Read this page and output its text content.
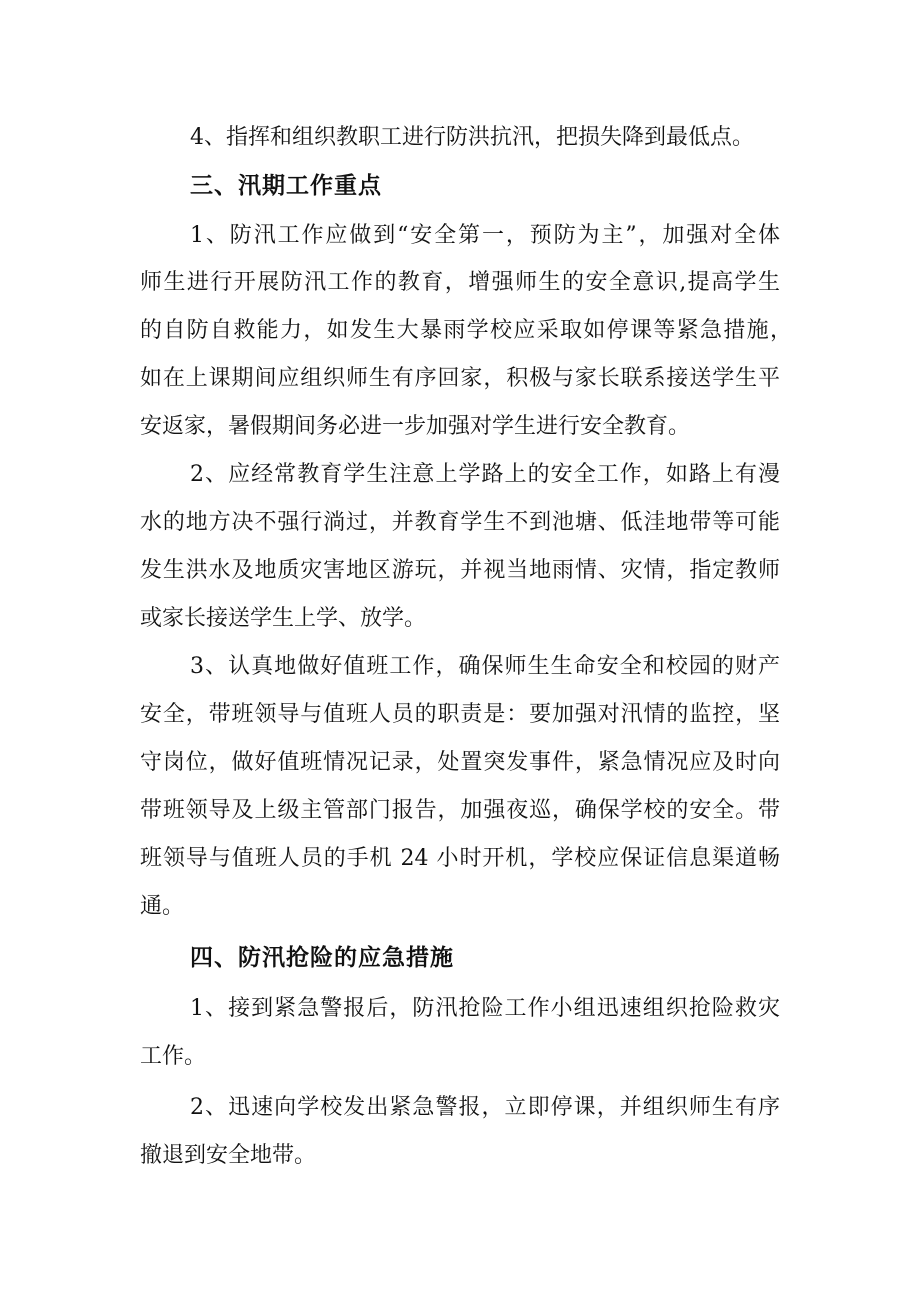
4、指挥和组织教职工进行防洪抗汛，把损失降到最低点。
三、汛期工作重点
1、防汛工作应做到“安全第一，预防为主”，加强对全体
师生进行开展防汛工作的教育，增强师生的安全意识,提高学生
的自防自救能力，如发生大暴雨学校应采取如停课等紧急措施，
如在上课期间应组织师生有序回家，积极与家长联系接送学生平
安返家，暑假期间务必进一步加强对学生进行安全教育。
2、应经常教育学生注意上学路上的安全工作，如路上有漫
水的地方决不强行淌过，并教育学生不到池塘、低洼地带等可能
发生洪水及地质灾害地区游玩，并视当地雨情、灾情，指定教师
或家长接送学生上学、放学。
3、认真地做好值班工作，确保师生生命安全和校园的财产
安全，带班领导与值班人员的职责是：要加强对汛情的监控，坚
守岗位，做好值班情况记录，处置突发事件，紧急情况应及时向
带班领导及上级主管部门报告，加强夜巡，确保学校的安全。带
班领导与值班人员的手机 24 小时开机，学校应保证信息渠道畅
通。
四、防汛抢险的应急措施
1、接到紧急警报后，防汛抢险工作小组迅速组织抢险救灾
工作。
2、迅速向学校发出紧急警报，立即停课，并组织师生有序
撤退到安全地带。
